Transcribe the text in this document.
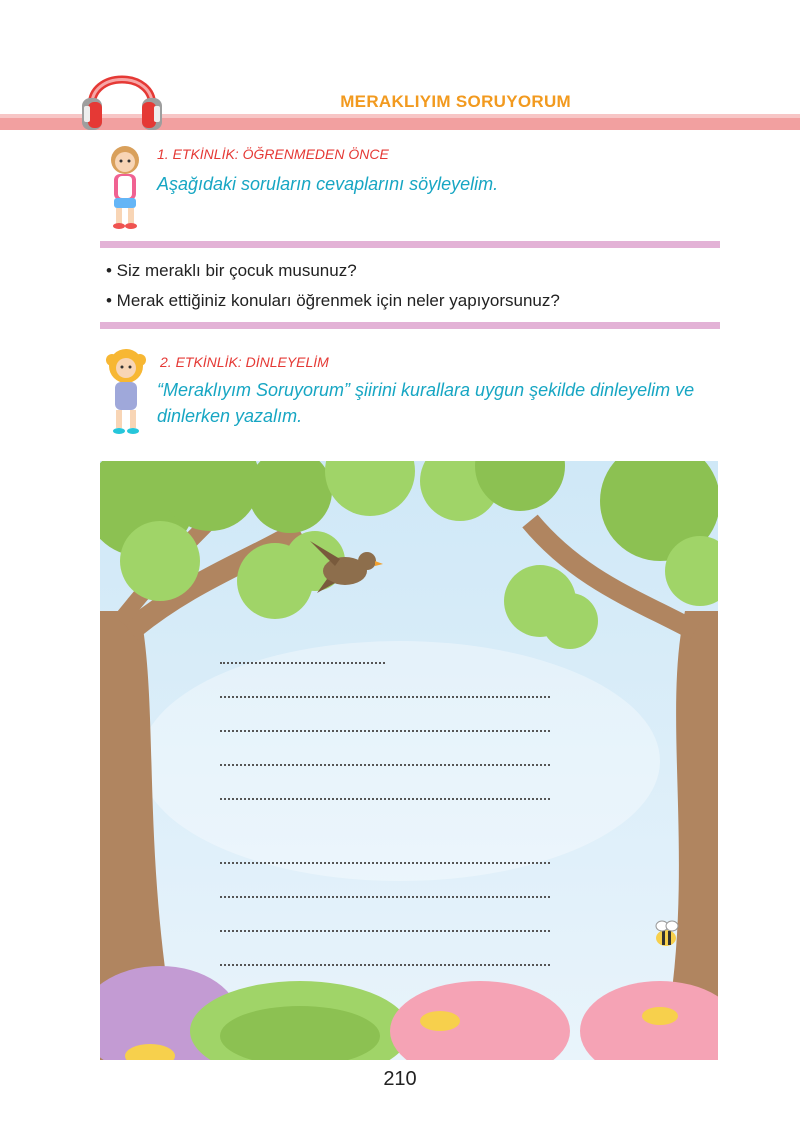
MERAKLIYIM SORUYORUM
1. ETKİNLİK: ÖĞRENMEDEN ÖNCE
Aşağıdaki soruların cevaplarını söyleyelim.
• Siz meraklı bir çocuk musunuz?
• Merak ettiğiniz konuları öğrenmek için neler yapıyorsunuz?
2. ETKİNLİK: DİNLEYELİM
“Meraklıyım Soruyorum” şiirini kurallara uygun şekilde dinleyelim ve
dinlerken yazalım.
210
